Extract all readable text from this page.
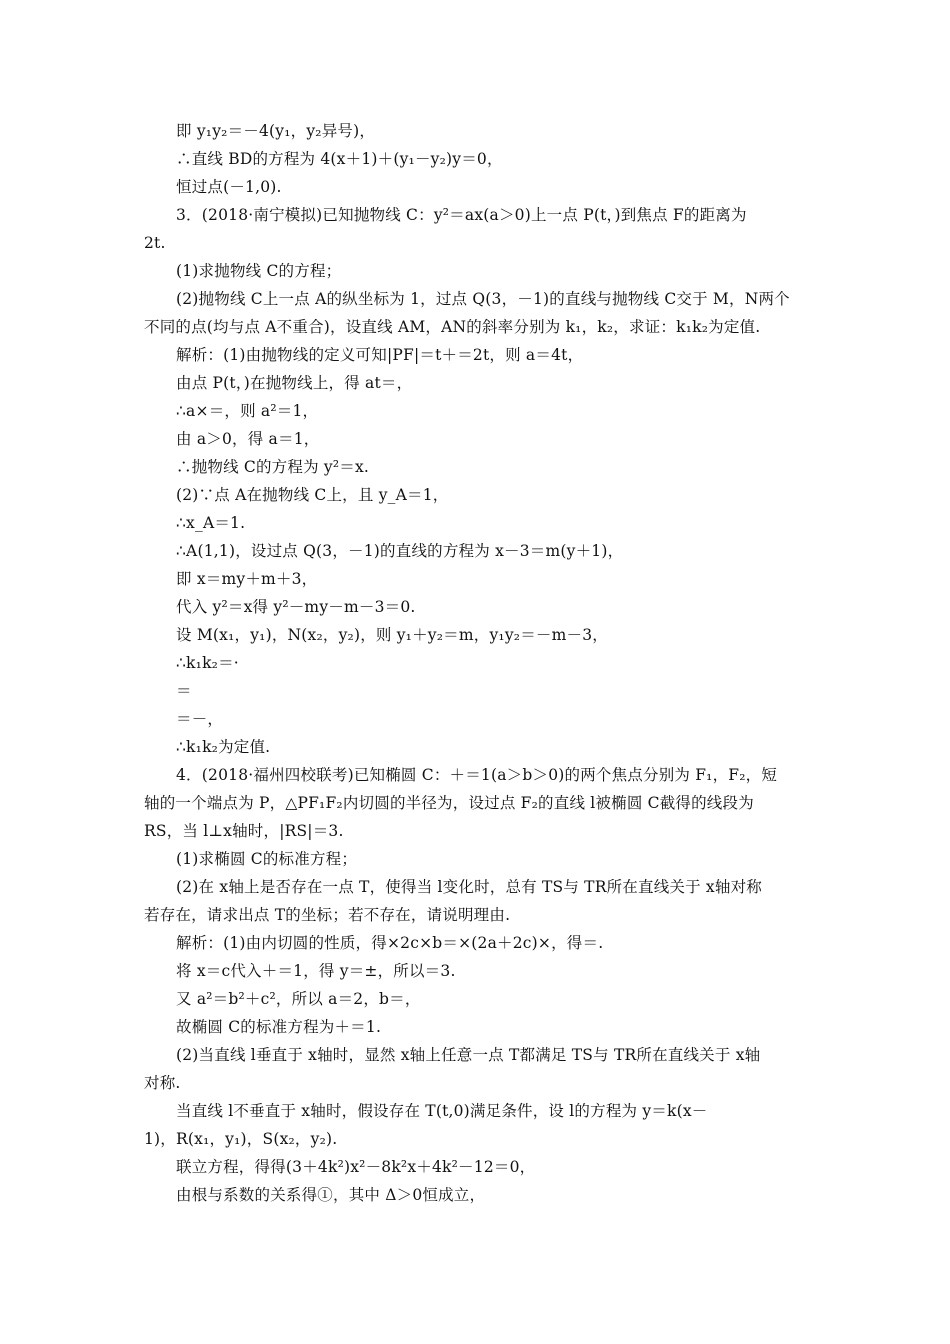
即 y₁y₂＝－4(y₁，y₂异号)，
∴直线 BD的方程为 4(x＋1)＋(y₁－y₂)y＝0，
恒过点(－1,0).
3．(2018·南宁模拟)已知抛物线 C：y²＝ax(a＞0)上一点 P(t，)到焦点 F的距离为
2t.
(1)求抛物线 C的方程；
(2)抛物线 C上一点 A的纵坐标为 1，过点 Q(3，－1)的直线与抛物线 C交于 M，N两个
不同的点(均与点 A不重合)，设直线 AM，AN的斜率分别为 k₁，k₂，求证：k₁k₂为定值.
解析：(1)由抛物线的定义可知|PF|＝t＋＝2t，则 a＝4t，
由点 P(t，)在抛物线上，得 at＝，
∴a×＝，则 a²＝1，
由 a＞0，得 a＝1，
∴抛物线 C的方程为 y²＝x.
(2)∵点 A在抛物线 C上，且 y_A＝1，
∴x_A＝1.
∴A(1,1)，设过点 Q(3，－1)的直线的方程为 x－3＝m(y＋1)，
即 x＝my＋m＋3，
代入 y²＝x得 y²－my－m－3＝0.
设 M(x₁，y₁)，N(x₂，y₂)，则 y₁＋y₂＝m，y₁y₂＝－m－3，
∴k₁k₂＝·
＝
＝－，
∴k₁k₂为定值.
4．(2018·福州四校联考)已知椭圆 C：＋＝1(a＞b＞0)的两个焦点分别为 F₁，F₂，短
轴的一个端点为 P，△PF₁F₂内切圆的半径为，设过点 F₂的直线 l被椭圆 C截得的线段为
RS，当 l⊥x轴时，|RS|＝3.
(1)求椭圆 C的标准方程；
(2)在 x轴上是否存在一点 T，使得当 l变化时，总有 TS与 TR所在直线关于 x轴对称
若存在，请求出点 T的坐标；若不存在，请说明理由.
解析：(1)由内切圆的性质，得×2c×b＝×(2a＋2c)×，得＝.
将 x＝c代入＋＝1，得 y＝±，所以＝3.
又 a²＝b²＋c²，所以 a＝2，b＝，
故椭圆 C的标准方程为＋＝1.
(2)当直线 l垂直于 x轴时，显然 x轴上任意一点 T都满足 TS与 TR所在直线关于 x轴
对称.
当直线 l不垂直于 x轴时，假设存在 T(t,0)满足条件，设 l的方程为 y＝k(x－
1)，R(x₁，y₁)，S(x₂，y₂).
联立方程，得得(3＋4k²)x²－8k²x＋4k²－12＝0，
由根与系数的关系得①，其中 Δ＞0恒成立，
